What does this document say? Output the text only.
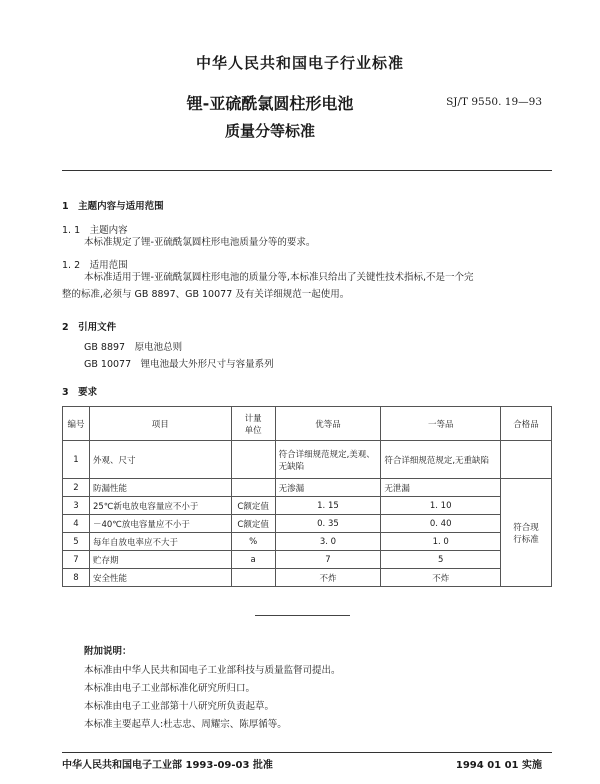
中华人民共和国电子行业标准
锂-亚硫酰氯圆柱形电池
质量分等标准
SJ/T 9550. 19—93
1　主题内容与适用范围
1. 1　主题内容
本标准规定了锂-亚硫酰氯圆柱形电池质量分等的要求。
1. 2　适用范围
本标准适用于锂-亚硫酰氯圆柱形电池的质量分等,本标准只给出了关键性技术指标,不是一个完
整的标准,必须与 GB 8897、GB 10077 及有关详细规范一起使用。
2　引用文件
GB 8897　原电池总则
GB 10077　锂电池最大外形尺寸与容量系列
3　要求
编号	项目	计量
单位	优等品	一等品	合格品
1	外观、尺寸		符合详细规范规定,美观、无缺陷	符合详细规范规定,无重缺陷	
2	防漏性能		无渗漏	无泄漏	符合现
行标准

3	25℃新电放电容量应不小于	C额定值	1. 15	1. 10	
4	－40℃放电容量应不小于	C额定值	0. 35	0. 40	
5	每年自放电率应不大于	%	3. 0	1. 0	
7	贮存期	a	7	5	
8	安全性能		不炸	不炸	
附加说明：
本标准由中华人民共和国电子工业部科技与质量监督司提出。
本标准由电子工业部标准化研究所归口。
本标准由电子工业部第十八研究所负责起草。
本标准主要起草人:杜志忠、周耀宗、陈厚循等。
中华人民共和国电子工业部 1993-09-03 批准	1994 01 01 实施
